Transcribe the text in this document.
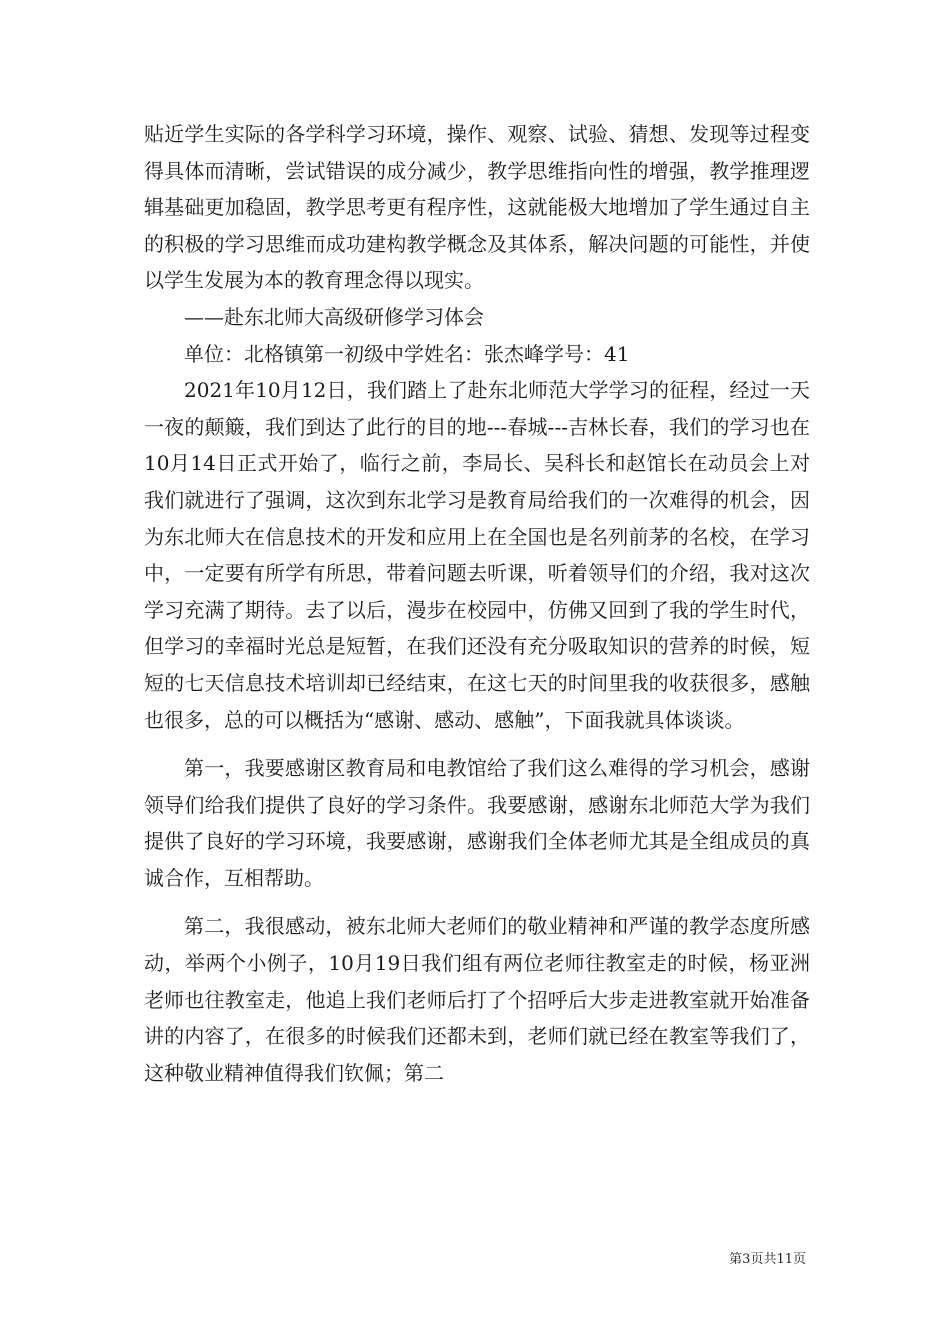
贴近学生实际的各学科学习环境，操作、观察、试验、猜想、发现等过程变得具体而清晰，尝试错误的成分减少，教学思维指向性的增强，教学推理逻辑基础更加稳固，教学思考更有程序性，这就能极大地增加了学生通过自主的积极的学习思维而成功建构教学概念及其体系，解决问题的可能性，并使以学生发展为本的教育理念得以现实。

——赴东北师大高级研修学习体会

单位：北格镇第一初级中学姓名：张杰峰学号：41

2021年10月12日，我们踏上了赴东北师范大学学习的征程，经过一天一夜的颠簸，我们到达了此行的目的地---春城---吉林长春，我们的学习也在10月14日正式开始了，临行之前，李局长、吴科长和赵馆长在动员会上对我们就进行了强调，这次到东北学习是教育局给我们的一次难得的机会，因为东北师大在信息技术的开发和应用上在全国也是名列前茅的名校，在学习中，一定要有所学有所思，带着问题去听课，听着领导们的介绍，我对这次学习充满了期待。去了以后，漫步在校园中，仿佛又回到了我的学生时代，但学习的幸福时光总是短暂，在我们还没有充分吸取知识的营养的时候，短短的七天信息技术培训却已经结束，在这七天的时间里我的收获很多，感触也很多，总的可以概括为“感谢、感动、感触”，下面我就具体谈谈。

第一，我要感谢区教育局和电教馆给了我们这么难得的学习机会，感谢领导们给我们提供了良好的学习条件。我要感谢，感谢东北师范大学为我们提供了良好的学习环境，我要感谢，感谢我们全体老师尤其是全组成员的真诚合作，互相帮助。

第二，我很感动，被东北师大老师们的敬业精神和严谨的教学态度所感动，举两个小例子，10月19日我们组有两位老师往教室走的时候，杨亚洲老师也往教室走，他追上我们老师后打了个招呼后大步走进教室就开始准备讲的内容了，在很多的时候我们还都未到，老师们就已经在教室等我们了，这种敬业精神值得我们钦佩；第二

第3页共11页
